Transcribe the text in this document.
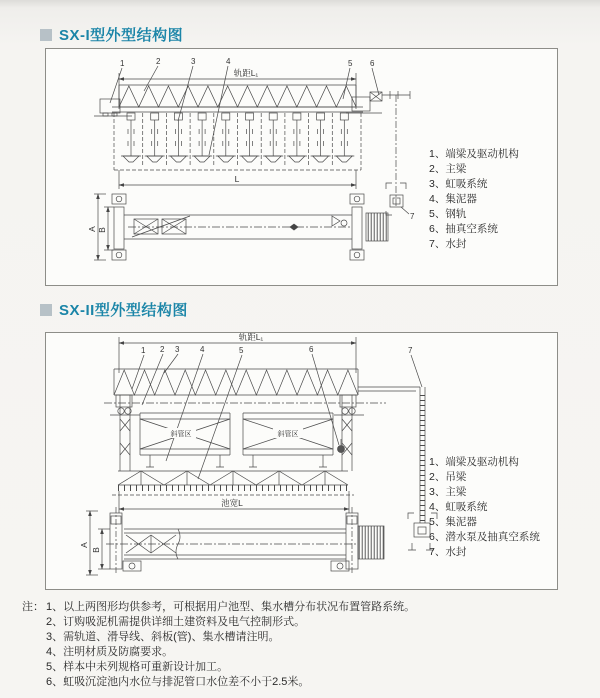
SX-I型外型结构图
1	2	3	4	5 6
7
轨距L₁
L
A B
1、端梁及驱动机构
2、主梁
3、虹吸系统
4、集泥器
5、钢轨
6、抽真空系统
7、水封
SX-II型外型结构图
1 2 3	4	5	6	7
轨距L₁
池宽L
斜管区	斜管区
A
B
1、端梁及驱动机构
2、吊梁
3、主梁
4、虹吸系统
5、集泥器
6、潜水泵及抽真空系统
7、水封
注： 1、以上两图形均供参考，可根据用户池型、集水槽分布状况布置管路系统。
2、订购吸泥机需提供详细土建资料及电气控制形式。
3、需轨道、滑导线、斜板(管)、集水槽请注明。
4、注明材质及防腐要求。
5、样本中未列规格可重新设计加工。
6、虹吸沉淀池内水位与排泥管口水位差不小于2.5米。
